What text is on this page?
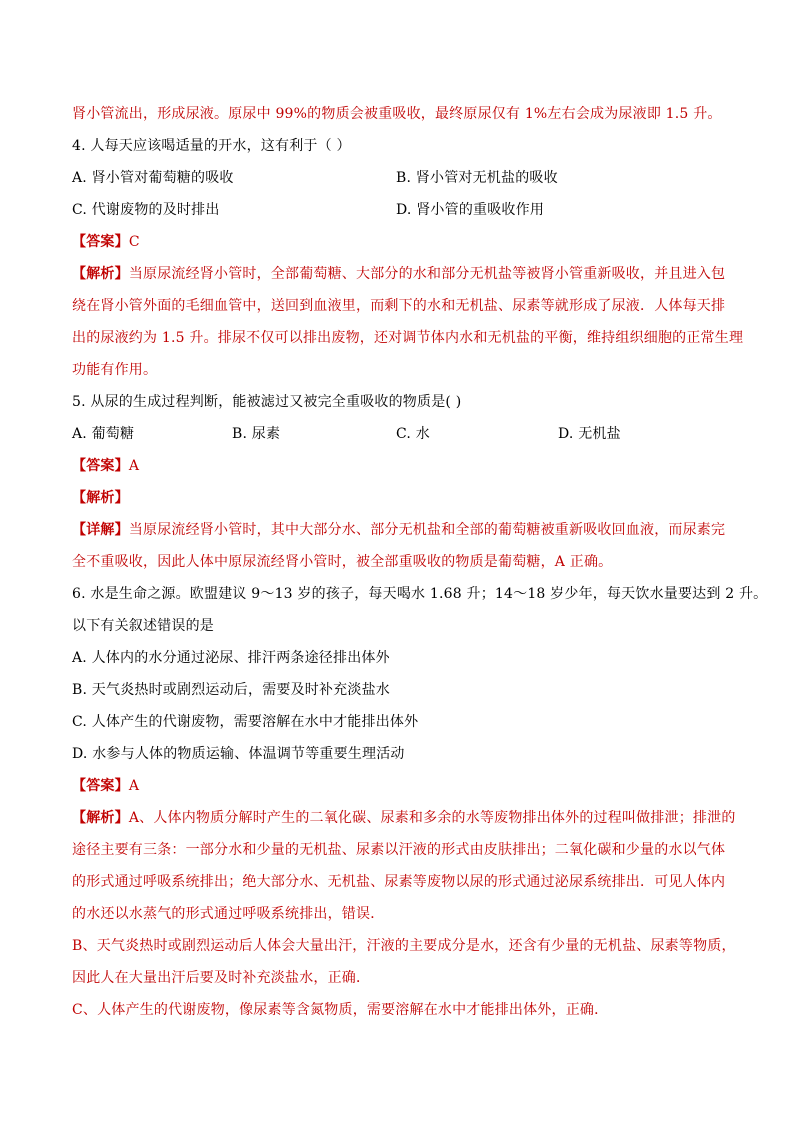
肾小管流出，形成尿液。原尿中 99%的物质会被重吸收，最终原尿仅有 1%左右会成为尿液即 1.5 升。
4. 人每天应该喝适量的开水，这有利于（ ）
A. 肾小管对葡萄糖的吸收	B. 肾小管对无机盐的吸收
C. 代谢废物的及时排出	D. 肾小管的重吸收作用
【答案】C
【解析】当原尿流经肾小管时，全部葡萄糖、大部分的水和部分无机盐等被肾小管重新吸收，并且进入包
绕在肾小管外面的毛细血管中，送回到血液里，而剩下的水和无机盐、尿素等就形成了尿液．人体每天排
出的尿液约为 1.5 升。排尿不仅可以排出废物，还对调节体内水和无机盐的平衡，维持组织细胞的正常生理
功能有作用。
5. 从尿的生成过程判断，能被滤过又被完全重吸收的物质是( )
A. 葡萄糖	B. 尿素	C. 水	D. 无机盐
【答案】A
【解析】
【详解】当原尿流经肾小管时，其中大部分水、部分无机盐和全部的葡萄糖被重新吸收回血液，而尿素完
全不重吸收，因此人体中原尿流经肾小管时，被全部重吸收的物质是葡萄糖，A 正确。
6. 水是生命之源。欧盟建议 9～13 岁的孩子，每天喝水 1.68 升；14～18 岁少年，每天饮水量要达到 2 升。
以下有关叙述错误的是
A. 人体内的水分通过泌尿、排汗两条途径排出体外
B. 天气炎热时或剧烈运动后，需要及时补充淡盐水
C. 人体产生的代谢废物，需要溶解在水中才能排出体外
D. 水参与人体的物质运输、体温调节等重要生理活动
【答案】A
【解析】A、人体内物质分解时产生的二氧化碳、尿素和多余的水等废物排出体外的过程叫做排泄；排泄的
途径主要有三条：一部分水和少量的无机盐、尿素以汗液的形式由皮肤排出；二氧化碳和少量的水以气体
的形式通过呼吸系统排出；绝大部分水、无机盐、尿素等废物以尿的形式通过泌尿系统排出．可见人体内
的水还以水蒸气的形式通过呼吸系统排出，错误．
B、天气炎热时或剧烈运动后人体会大量出汗，汗液的主要成分是水，还含有少量的无机盐、尿素等物质，
因此人在大量出汗后要及时补充淡盐水，正确．
C、人体产生的代谢废物，像尿素等含氮物质，需要溶解在水中才能排出体外，正确．
